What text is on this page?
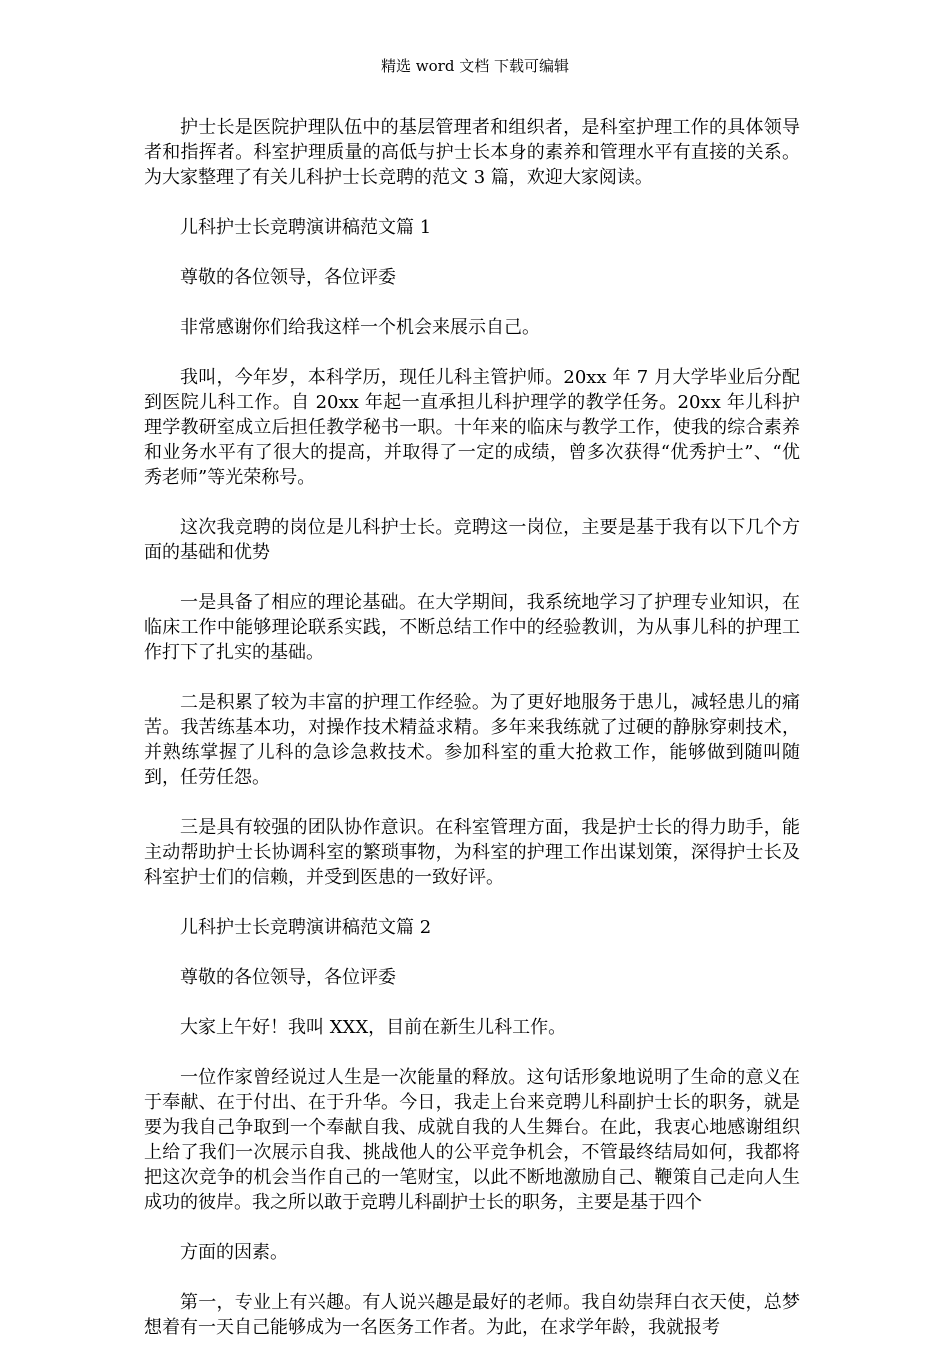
精选 word 文档 下载可编辑

护士长是医院护理队伍中的基层管理者和组织者，是科室护理工作的具体领导者和指挥者。科室护理质量的高低与护士长本身的素养和管理水平有直接的关系。为大家整理了有关儿科护士长竞聘的范文 3 篇，欢迎大家阅读。

儿科护士长竞聘演讲稿范文篇 1

尊敬的各位领导，各位评委

非常感谢你们给我这样一个机会来展示自己。

我叫，今年岁，本科学历，现任儿科主管护师。20xx 年 7 月大学毕业后分配到医院儿科工作。自 20xx 年起一直承担儿科护理学的教学任务。20xx 年儿科护理学教研室成立后担任教学秘书一职。十年来的临床与教学工作，使我的综合素养和业务水平有了很大的提高，并取得了一定的成绩，曾多次获得“优秀护士”、“优秀老师”等光荣称号。

这次我竞聘的岗位是儿科护士长。竞聘这一岗位，主要是基于我有以下几个方面的基础和优势

一是具备了相应的理论基础。在大学期间，我系统地学习了护理专业知识，在临床工作中能够理论联系实践，不断总结工作中的经验教训，为从事儿科的护理工作打下了扎实的基础。

二是积累了较为丰富的护理工作经验。为了更好地服务于患儿，减轻患儿的痛苦。我苦练基本功，对操作技术精益求精。多年来我练就了过硬的静脉穿刺技术，并熟练掌握了儿科的急诊急救技术。参加科室的重大抢救工作，能够做到随叫随到，任劳任怨。

三是具有较强的团队协作意识。在科室管理方面，我是护士长的得力助手，能主动帮助护士长协调科室的繁琐事物，为科室的护理工作出谋划策，深得护士长及科室护士们的信赖，并受到医患的一致好评。

儿科护士长竞聘演讲稿范文篇 2

尊敬的各位领导，各位评委

大家上午好！我叫 XXX，目前在新生儿科工作。

一位作家曾经说过人生是一次能量的释放。这句话形象地说明了生命的意义在于奉献、在于付出、在于升华。今日，我走上台来竞聘儿科副护士长的职务，就是要为我自己争取到一个奉献自我、成就自我的人生舞台。在此，我衷心地感谢组织上给了我们一次展示自我、挑战他人的公平竞争机会，不管最终结局如何，我都将把这次竞争的机会当作自己的一笔财宝，以此不断地激励自己、鞭策自己走向人生成功的彼岸。我之所以敢于竞聘儿科副护士长的职务，主要是基于四个

方面的因素。

第一，专业上有兴趣。有人说兴趣是最好的老师。我自幼崇拜白衣天使，总梦想着有一天自己能够成为一名医务工作者。为此，在求学年龄，我就报考
